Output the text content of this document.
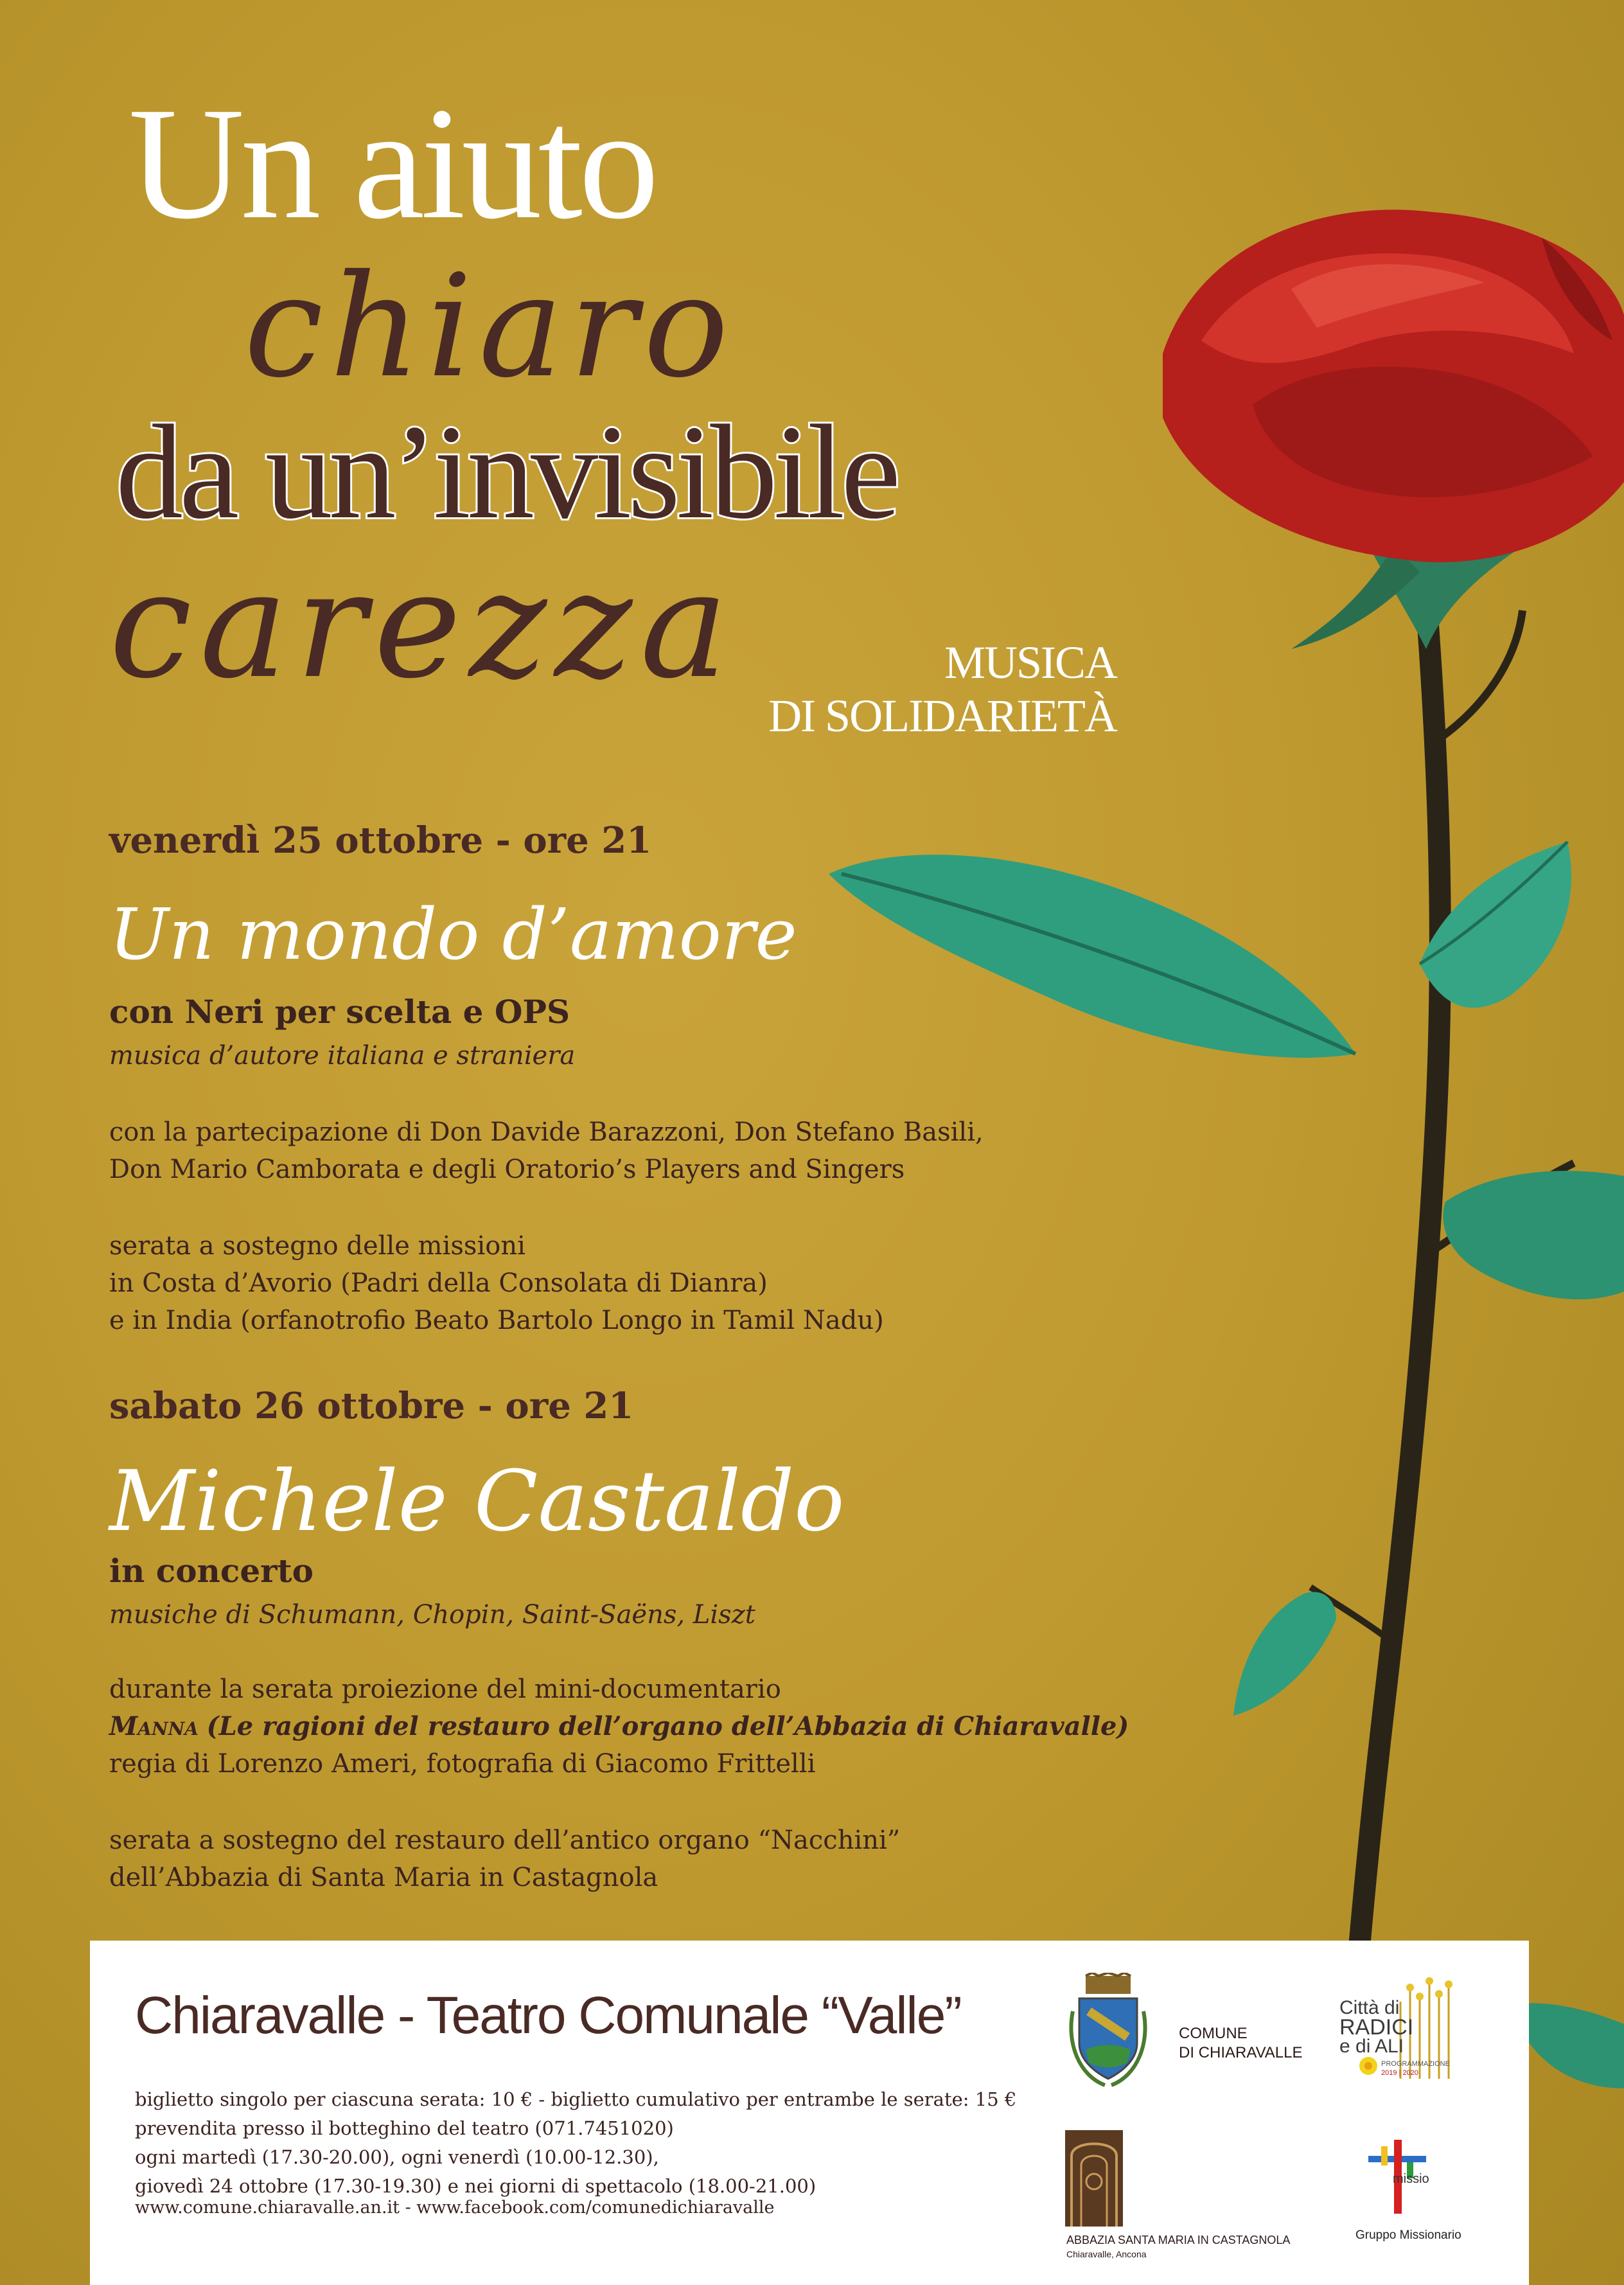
Un aiuto
chiaro
da un’invisibile
carezza	MUSICA
DI SOLIDARIETÀ
venerdì 25 ottobre - ore 21
Un mondo d’amore
con Neri per scelta e OPS
musica d’autore italiana e straniera
con la partecipazione di Don Davide Barazzoni, Don Stefano Basili,
Don Mario Camborata e degli Oratorio’s Players and Singers
serata a sostegno delle missioni
in Costa d’Avorio (Padri della Consolata di Dianra)
e in India (orfanotrofio Beato Bartolo Longo in Tamil Nadu)
sabato 26 ottobre - ore 21
Michele Castaldo
in concerto
musiche di Schumann, Chopin, Saint-Saëns, Liszt
durante la serata proiezione del mini-documentario
Manna (Le ragioni del restauro dell’organo dell’Abbazia di Chiaravalle)
regia di Lorenzo Ameri, fotografia di Giacomo Frittelli
serata a sostegno del restauro dell’antico organo “Nacchini”
dell’Abbazia di Santa Maria in Castagnola
Chiaravalle - Teatro Comunale “Valle”
biglietto singolo per ciascuna serata: 10 € - biglietto cumulativo per entrambe le serate: 15 €
prevendita presso il botteghino del teatro (071.7451020)
ogni martedì (17.30-20.00), ogni venerdì (10.00-12.30),
giovedì 24 ottobre (17.30-19.30) e nei giorni di spettacolo (18.00-21.00)
www.comune.chiaravalle.an.it - www.facebook.com/comunedichiaravalle
COMUNE
DI CHIARAVALLE
Città di
RADICI
e di ALI
PROGRAMMAZIONE
2019 | 2020
ABBAZIA SANTA MARIA IN CASTAGNOLA
Chiaravalle, Ancona
missio
Gruppo Missionario
